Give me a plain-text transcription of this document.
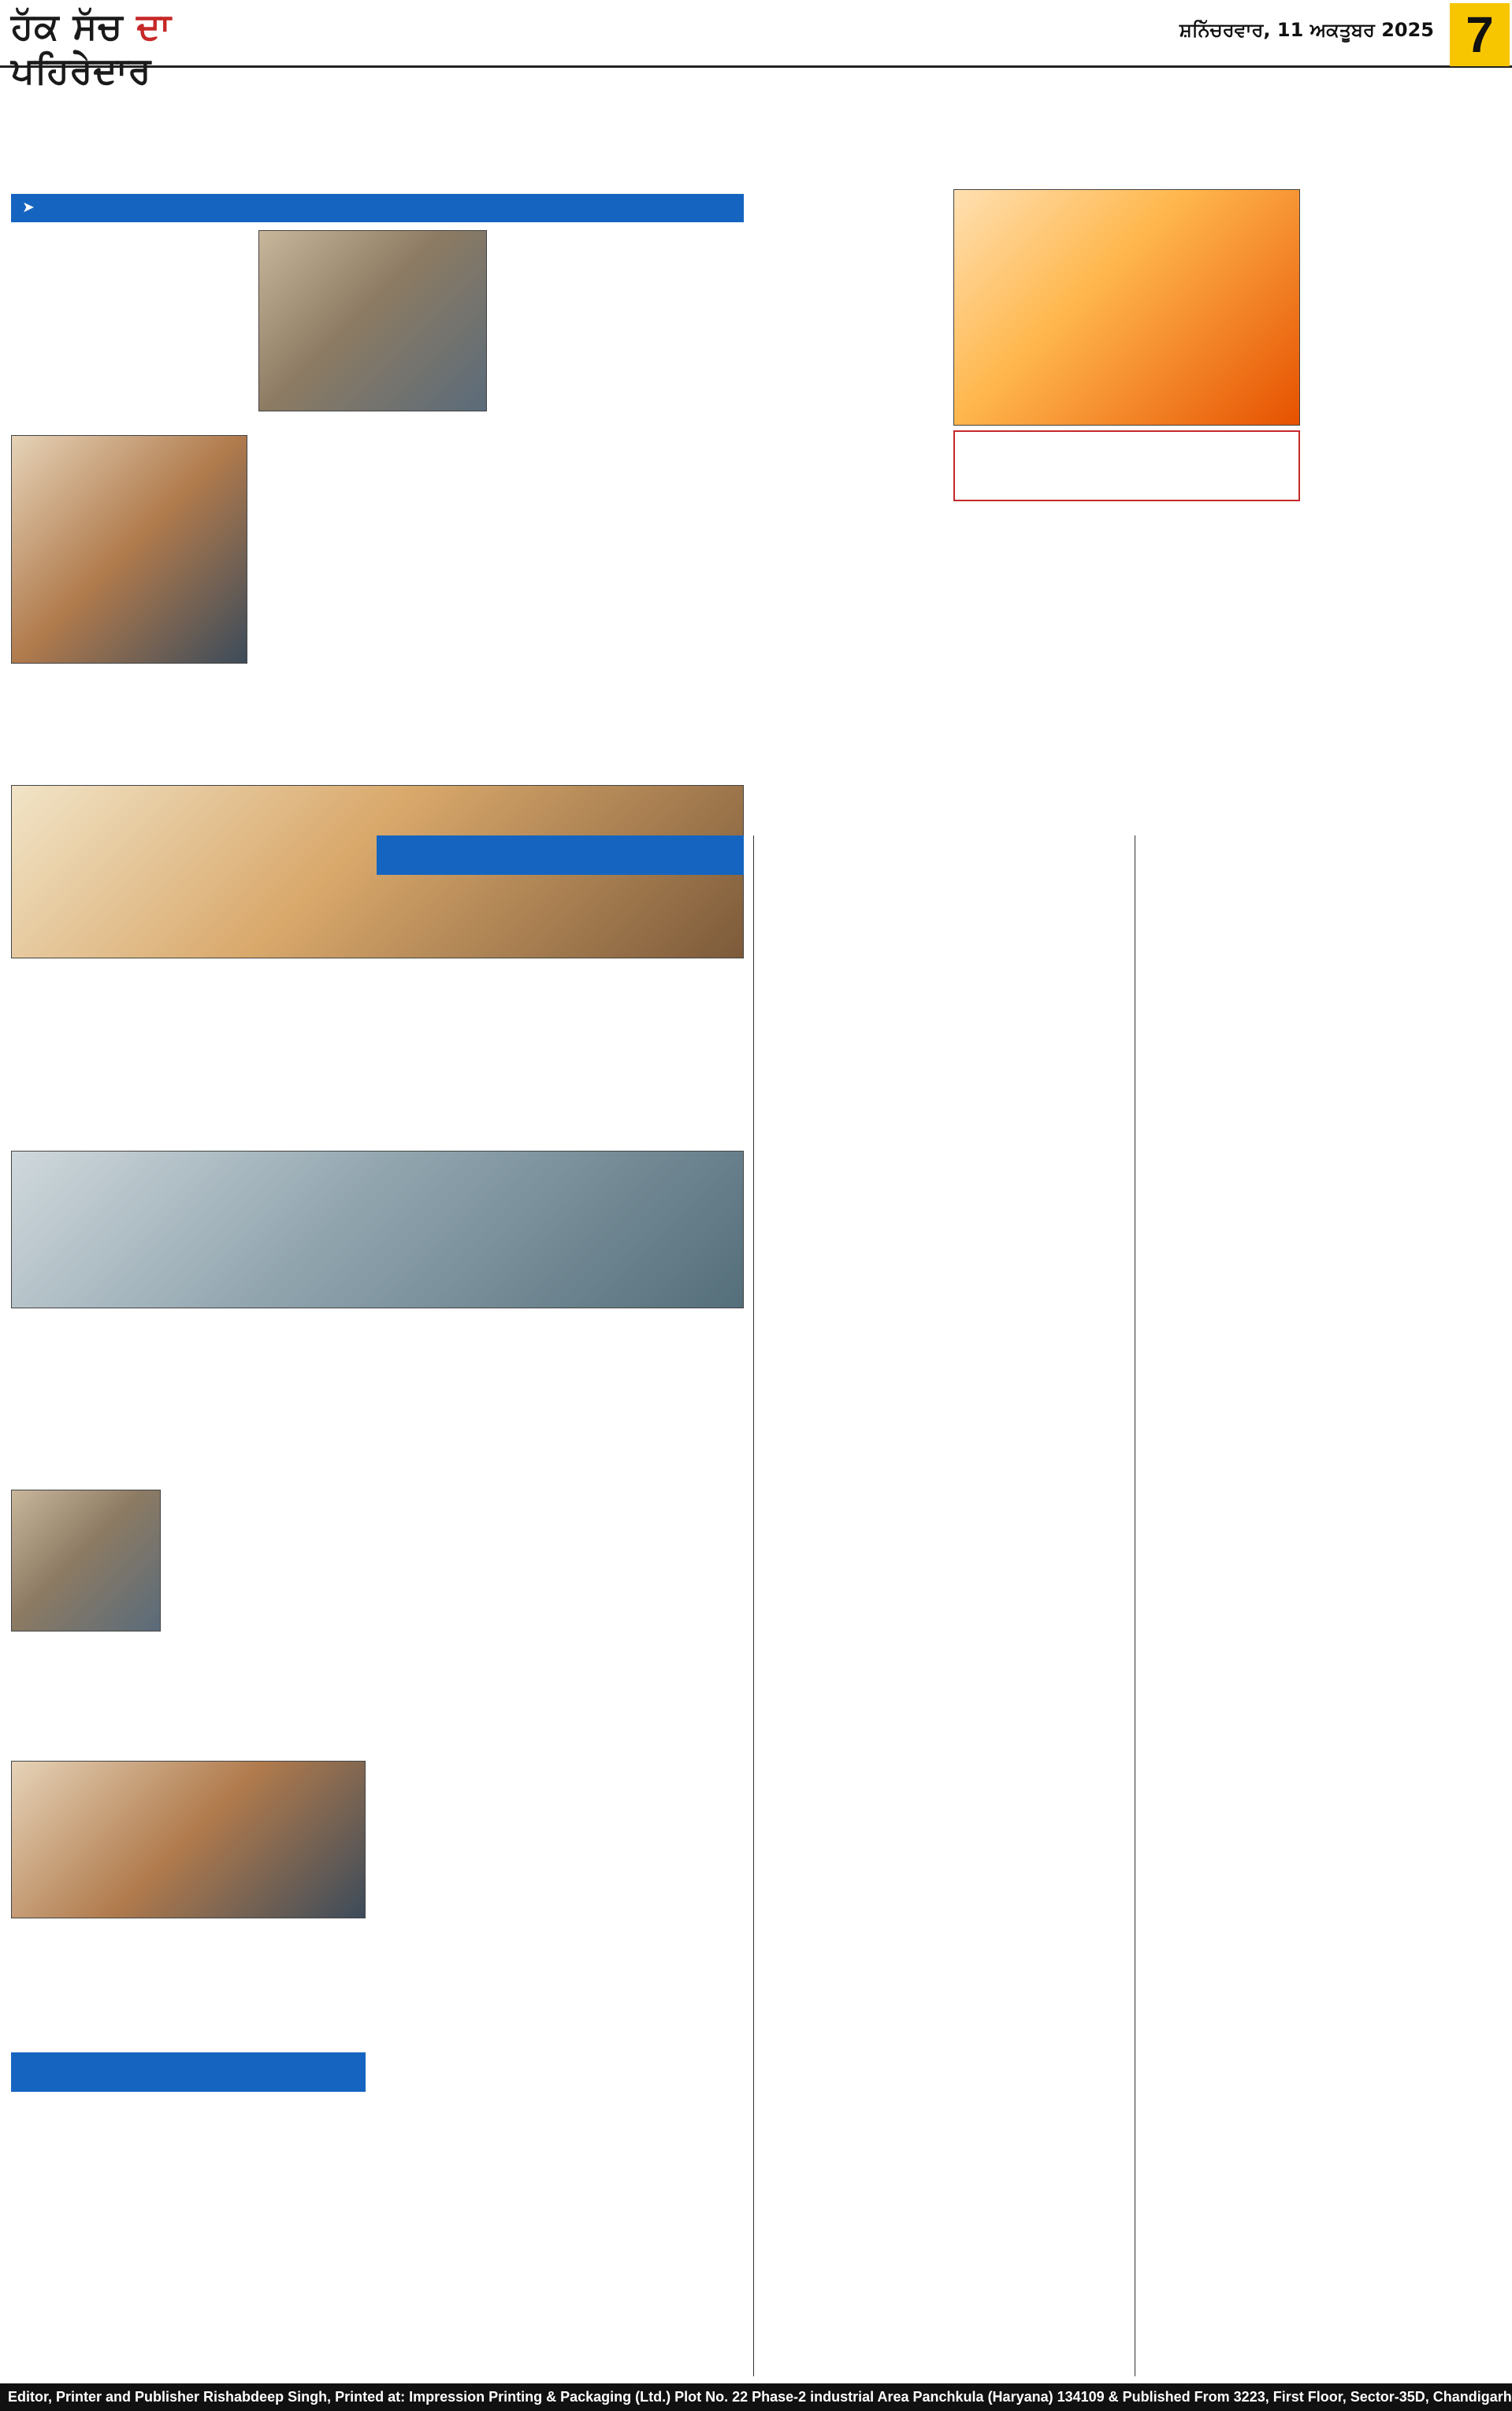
ਹੱਕ ਸੱਚ ਦਾ ਪਹਿਰੇਦਾਰ
ਸ਼ਨਿੱਚਰਵਾਰ, 11 ਅਕਤੂਬਰ 2025 7
➤
Editor, Printer and Publisher Rishabdeep Singh, Printed at: Impression Printing & Packaging (Ltd.) Plot No. 22 Phase-2 industrial Area Panchkula (Haryana) 134109 & Published From 3223, First Floor, Sector-35D, Chandigarh
